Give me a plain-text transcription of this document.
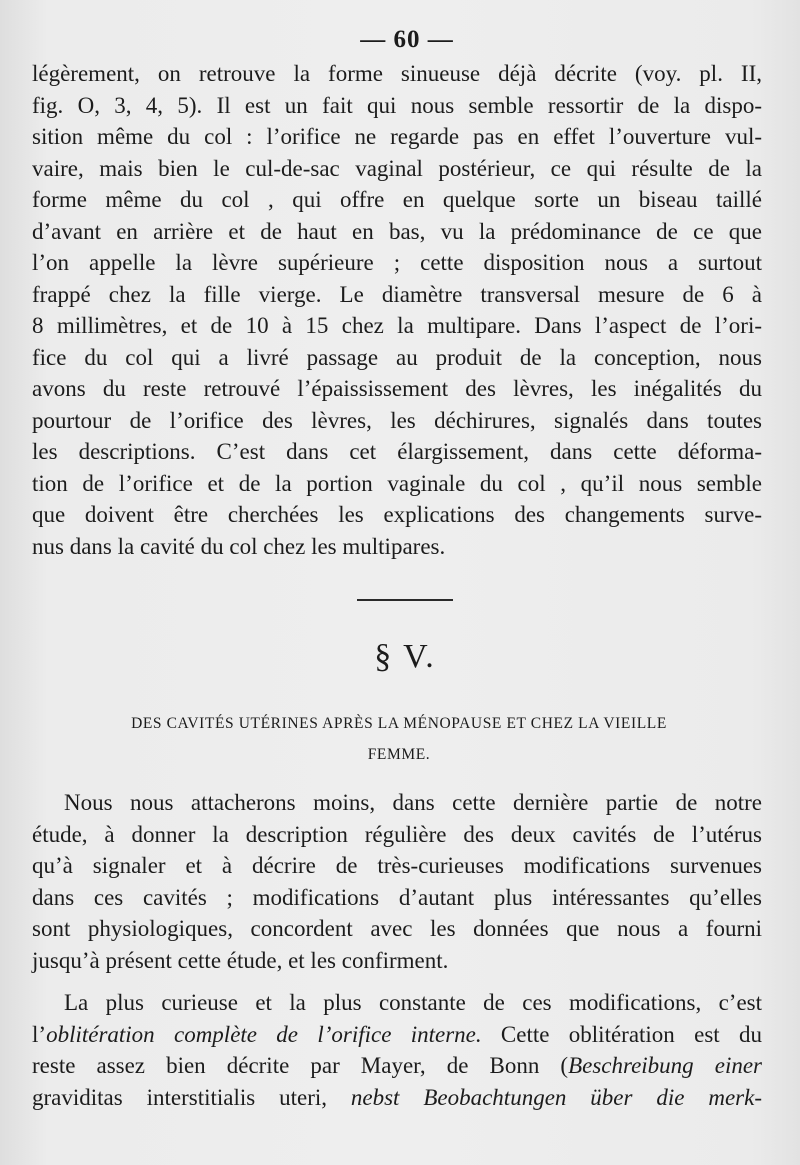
— 60 —
légèrement, on retrouve la forme sinueuse déjà décrite (voy. pl. II,
fig. O, 3, 4, 5). Il est un fait qui nous semble ressortir de la dispo-
sition même du col : l’orifice ne regarde pas en effet l’ouverture vul-
vaire, mais bien le cul-de-sac vaginal postérieur, ce qui résulte de la
forme même du col , qui offre en quelque sorte un biseau taillé
d’avant en arrière et de haut en bas, vu la prédominance de ce que
l’on appelle la lèvre supérieure ; cette disposition nous a surtout
frappé chez la fille vierge. Le diamètre transversal mesure de 6 à
8 millimètres, et de 10 à 15 chez la multipare. Dans l’aspect de l’ori-
fice du col qui a livré passage au produit de la conception, nous
avons du reste retrouvé l’épaississement des lèvres, les inégalités du
pourtour de l’orifice des lèvres, les déchirures, signalés dans toutes
les descriptions. C’est dans cet élargissement, dans cette déforma-
tion de l’orifice et de la portion vaginale du col , qu’il nous semble
que doivent être cherchées les explications des changements surve-
nus dans la cavité du col chez les multipares.
§ V.
DES CAVITÉS UTÉRINES APRÈS LA MÉNOPAUSE ET CHEZ LA VIEILLE
FEMME.
Nous nous attacherons moins, dans cette dernière partie de notre
étude, à donner la description régulière des deux cavités de l’utérus
qu’à signaler et à décrire de très-curieuses modifications survenues
dans ces cavités ; modifications d’autant plus intéressantes qu’elles
sont physiologiques, concordent avec les données que nous a fourni
jusqu’à présent cette étude, et les confirment.
La plus curieuse et la plus constante de ces modifications, c’est
l’oblitération complète de l’orifice interne. Cette oblitération est du
reste assez bien décrite par Mayer, de Bonn (Beschreibung einer
graviditas interstitialis uteri, nebst Beobachtungen über die merk-
